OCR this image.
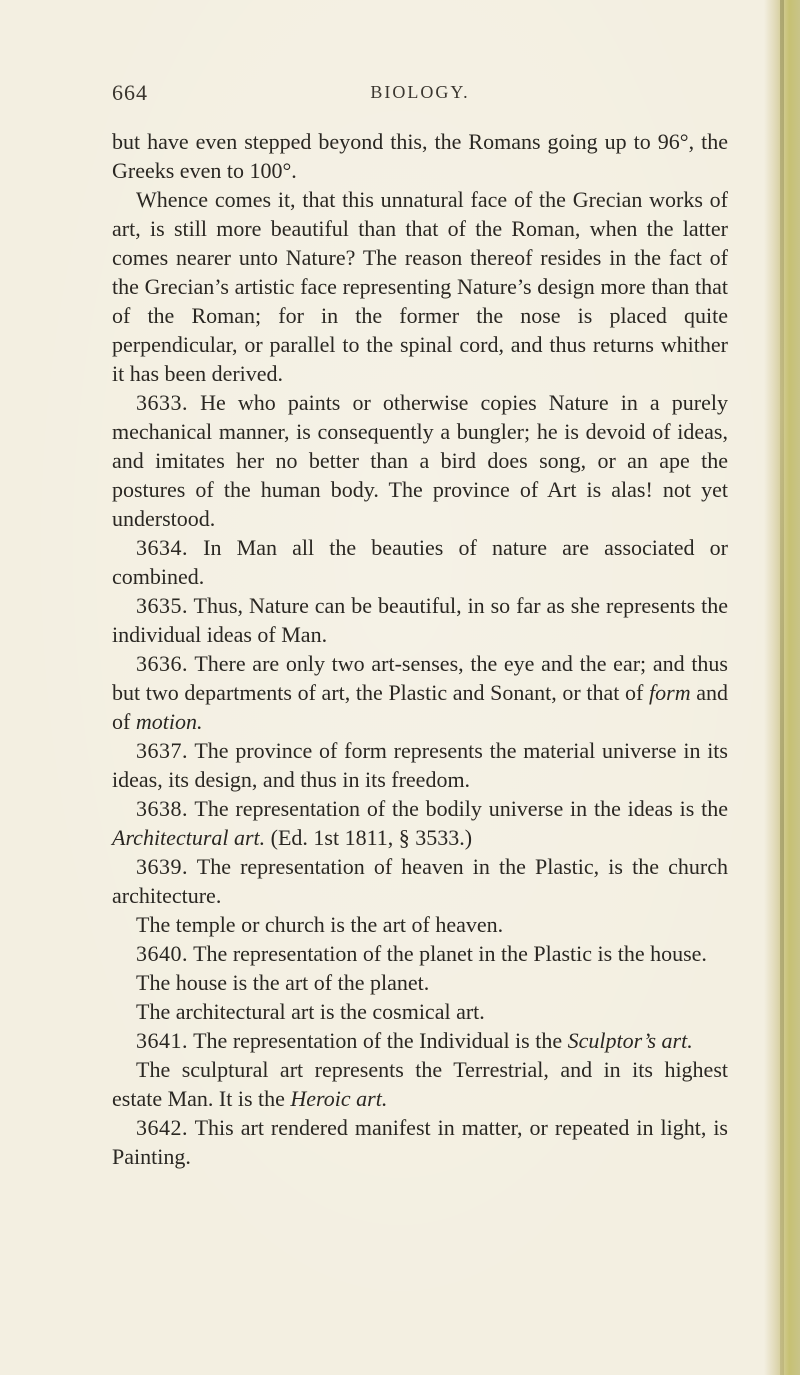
664	BIOLOGY.

but have even stepped beyond this, the Romans going up to 96°, the Greeks even to 100°.

Whence comes it, that this unnatural face of the Grecian works of art, is still more beautiful than that of the Roman, when the latter comes nearer unto Nature? The reason thereof resides in the fact of the Grecian’s artistic face representing Nature’s design more than that of the Roman; for in the former the nose is placed quite perpendicular, or parallel to the spinal cord, and thus returns whither it has been derived.

3633. He who paints or otherwise copies Nature in a purely mechanical manner, is consequently a bungler; he is devoid of ideas, and imitates her no better than a bird does song, or an ape the postures of the human body. The province of Art is alas! not yet understood.

3634. In Man all the beauties of nature are associated or combined.

3635. Thus, Nature can be beautiful, in so far as she represents the individual ideas of Man.

3636. There are only two art-senses, the eye and the ear; and thus but two departments of art, the Plastic and Sonant, or that of form and of motion.

3637. The province of form represents the material universe in its ideas, its design, and thus in its freedom.

3638. The representation of the bodily universe in the ideas is the Architectural art. (Ed. 1st 1811, § 3533.)

3639. The representation of heaven in the Plastic, is the church architecture.

The temple or church is the art of heaven.

3640. The representation of the planet in the Plastic is the house.

The house is the art of the planet.

The architectural art is the cosmical art.

3641. The representation of the Individual is the Sculptor’s art.

The sculptural art represents the Terrestrial, and in its highest estate Man. It is the Heroic art.

3642. This art rendered manifest in matter, or repeated in light, is Painting.
